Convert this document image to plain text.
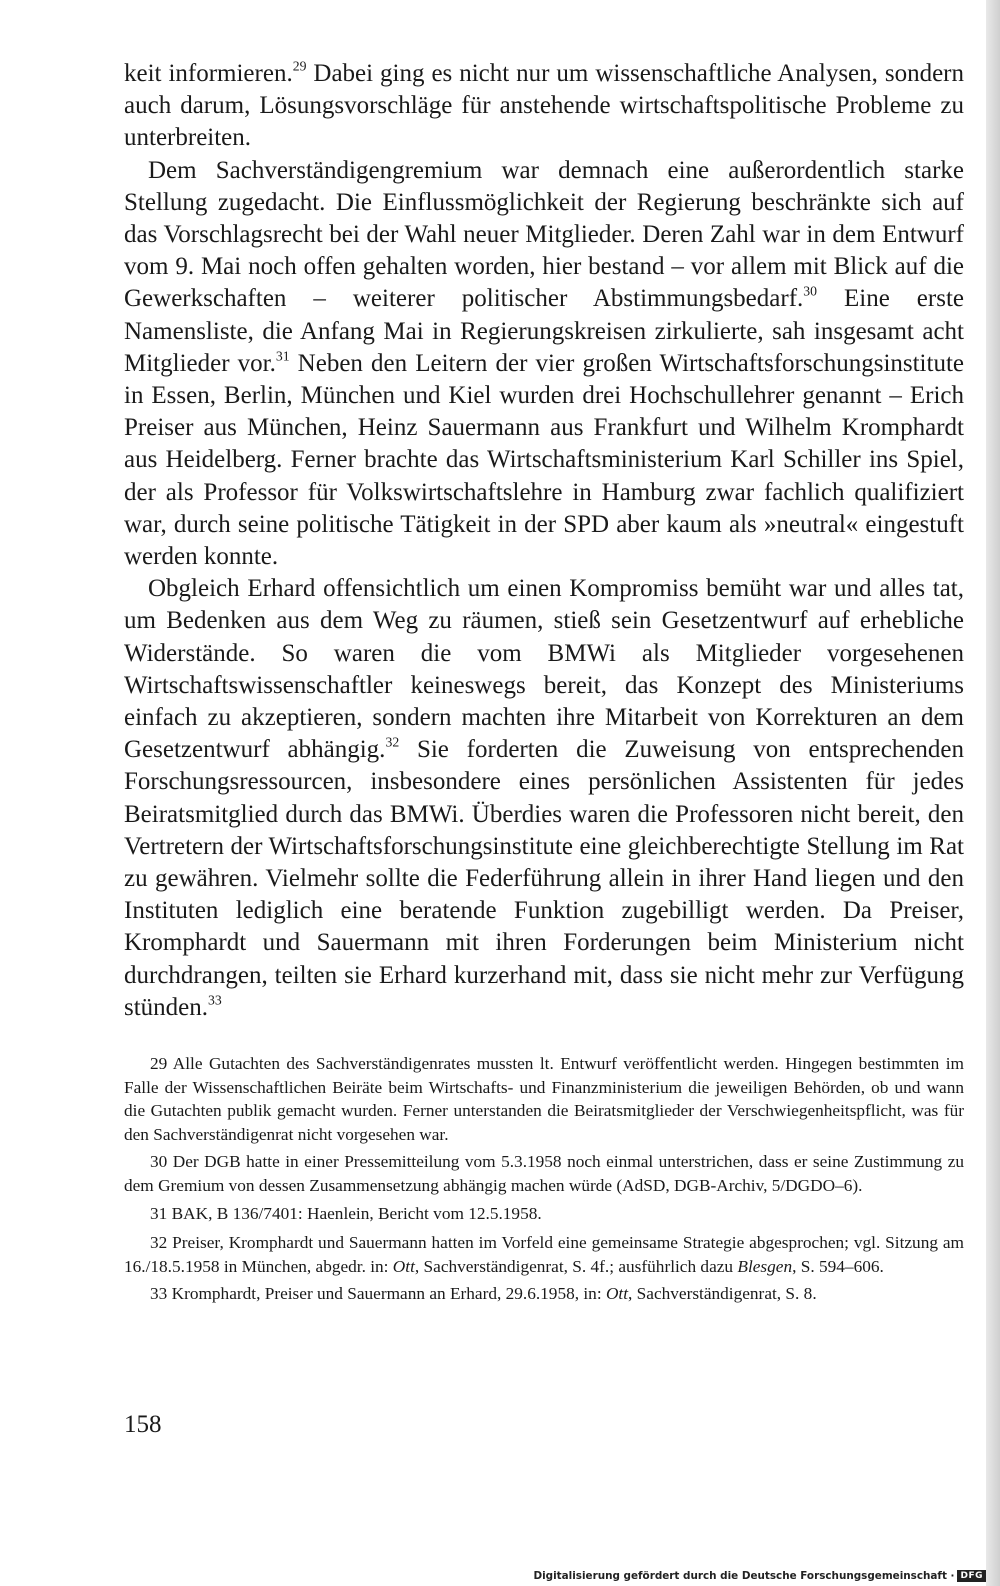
keit informieren.$^{29}$ Dabei ging es nicht nur um wissenschaftliche Analysen, sondern auch darum, Lösungsvorschläge für anstehende wirtschaftspolitische Probleme zu unterbreiten.

Dem Sachverständigengremium war demnach eine außerordentlich starke Stellung zugedacht. Die Einflussmöglichkeit der Regierung beschränkte sich auf das Vorschlagsrecht bei der Wahl neuer Mitglieder. Deren Zahl war in dem Entwurf vom 9. Mai noch offen gehalten worden, hier bestand – vor allem mit Blick auf die Gewerkschaften – weiterer politischer Abstimmungsbedarf.$^{30}$ Eine erste Namensliste, die Anfang Mai in Regierungskreisen zirkulierte, sah insgesamt acht Mitglieder vor.$^{31}$ Neben den Leitern der vier großen Wirtschaftsforschungsinstitute in Essen, Berlin, München und Kiel wurden drei Hochschullehrer genannt – Erich Preiser aus München, Heinz Sauermann aus Frankfurt und Wilhelm Kromphardt aus Heidelberg. Ferner brachte das Wirtschaftsministerium Karl Schiller ins Spiel, der als Professor für Volkswirtschaftslehre in Hamburg zwar fachlich qualifiziert war, durch seine politische Tätigkeit in der SPD aber kaum als »neutral« eingestuft werden konnte.

Obgleich Erhard offensichtlich um einen Kompromiss bemüht war und alles tat, um Bedenken aus dem Weg zu räumen, stieß sein Gesetzentwurf auf erhebliche Widerstände. So waren die vom BMWi als Mitglieder vorgesehenen Wirtschaftswissenschaftler keineswegs bereit, das Konzept des Ministeriums einfach zu akzeptieren, sondern machten ihre Mitarbeit von Korrekturen an dem Gesetzentwurf abhängig.$^{32}$ Sie forderten die Zuweisung von entsprechenden Forschungsressourcen, insbesondere eines persönlichen Assistenten für jedes Beiratsmitglied durch das BMWi. Überdies waren die Professoren nicht bereit, den Vertretern der Wirtschaftsforschungsinstitute eine gleichberechtigte Stellung im Rat zu gewähren. Vielmehr sollte die Federführung allein in ihrer Hand liegen und den Instituten lediglich eine beratende Funktion zugebilligt werden. Da Preiser, Kromphardt und Sauermann mit ihren Forderungen beim Ministerium nicht durchdrangen, teilten sie Erhard kurzerhand mit, dass sie nicht mehr zur Verfügung stünden.$^{33}$

29 Alle Gutachten des Sachverständigenrates mussten lt. Entwurf veröffentlicht werden. Hingegen bestimmten im Falle der Wissenschaftlichen Beiräte beim Wirtschafts- und Finanzministerium die jeweiligen Behörden, ob und wann die Gutachten publik gemacht wurden. Ferner unterstanden die Beiratsmitglieder der Verschwiegenheitspflicht, was für den Sachverständigenrat nicht vorgesehen war.

30 Der DGB hatte in einer Pressemitteilung vom 5.3.1958 noch einmal unterstrichen, dass er seine Zustimmung zu dem Gremium von dessen Zusammensetzung abhängig machen würde (AdSD, DGB-Archiv, 5/DGDO–6).

31 BAK, B 136/7401: Haenlein, Bericht vom 12.5.1958.

32 Preiser, Kromphardt und Sauermann hatten im Vorfeld eine gemeinsame Strategie abgesprochen; vgl. Sitzung am 16./18.5.1958 in München, abgedr. in: Ott, Sachverständigenrat, S. 4f.; ausführlich dazu Blesgen, S. 594–606.

33 Kromphardt, Preiser und Sauermann an Erhard, 29.6.1958, in: Ott, Sachverständigenrat, S. 8.

158
Digitalisierung gefördert durch die Deutsche Forschungsgemeinschaft · DFG
